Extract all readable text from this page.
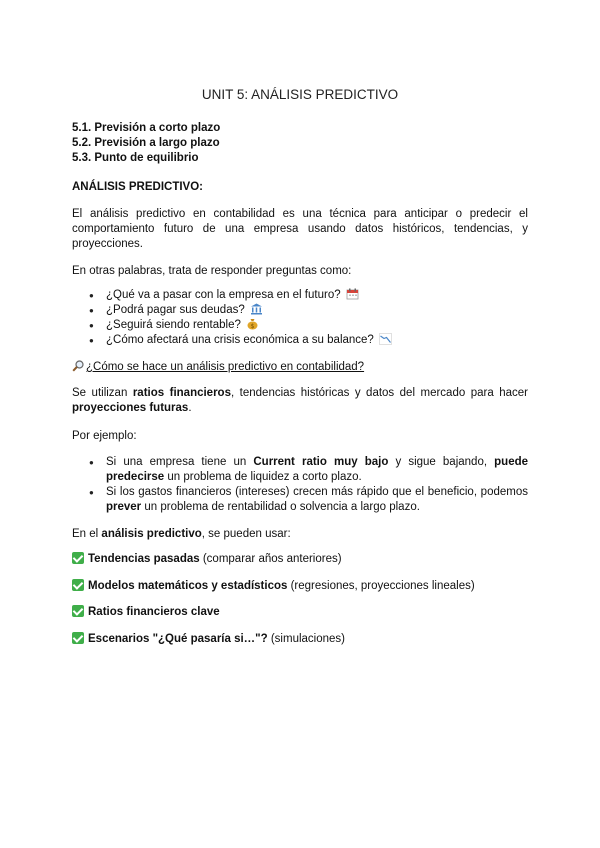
UNIT 5: ANÁLISIS PREDICTIVO
5.1. Previsión a corto plazo
5.2. Previsión a largo plazo
5.3. Punto de equilibrio
ANÁLISIS PREDICTIVO:
El análisis predictivo en contabilidad es una técnica para anticipar o predecir el comportamiento futuro de una empresa usando datos históricos, tendencias, y proyecciones.
En otras palabras, trata de responder preguntas como:
● ¿Qué va a pasar con la empresa en el futuro?
● ¿Podrá pagar sus deudas?
● ¿Seguirá siendo rentable? $
● ¿Cómo afectará una crisis económica a su balance?
¿Cómo se hace un análisis predictivo en contabilidad?
Se utilizan ratios financieros, tendencias históricas y datos del mercado para hacer proyecciones futuras.
Por ejemplo:
● Si una empresa tiene un Current ratio muy bajo y sigue bajando, puede predecirse un problema de liquidez a corto plazo.
● Si los gastos financieros (intereses) crecen más rápido que el beneficio, podemos prever un problema de rentabilidad o solvencia a largo plazo.
En el análisis predictivo, se pueden usar:
Tendencias pasadas (comparar años anteriores)
Modelos matemáticos y estadísticos (regresiones, proyecciones lineales)
Ratios financieros clave
Escenarios "¿Qué pasaría si…"? (simulaciones)
